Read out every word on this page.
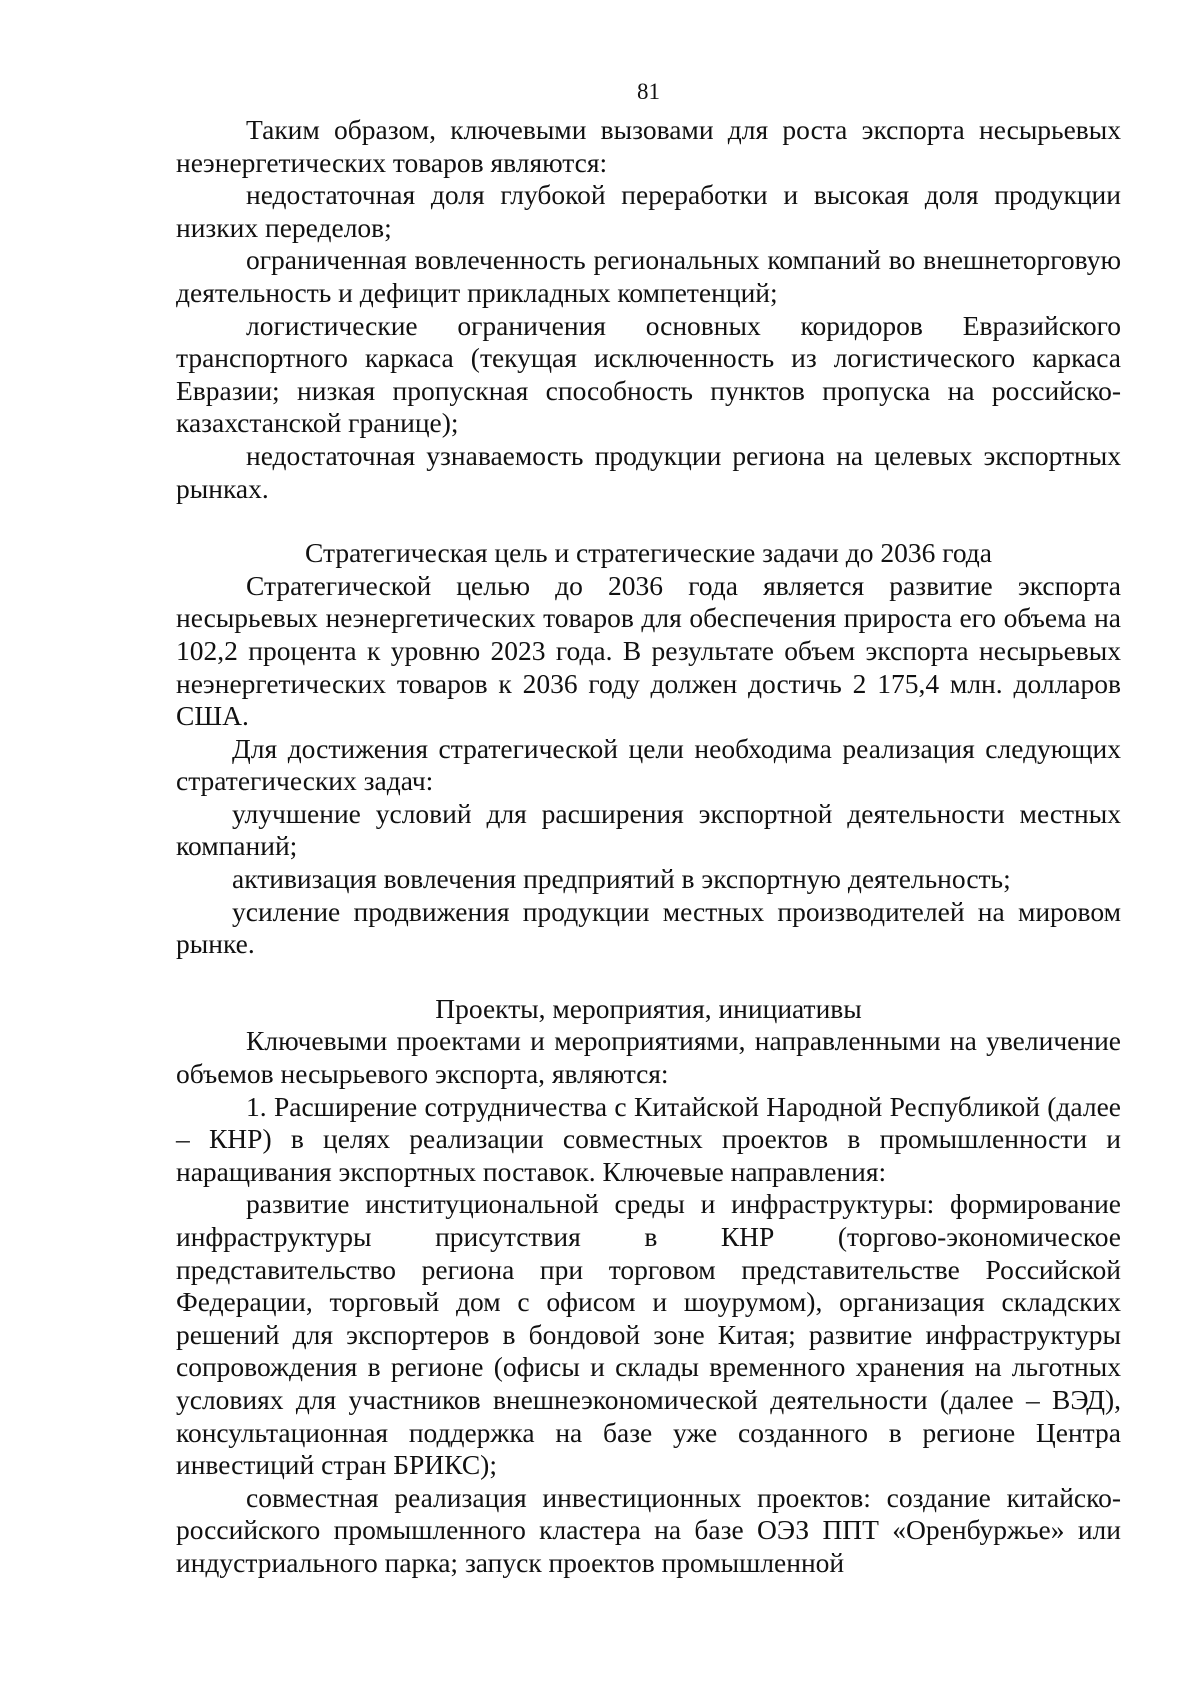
81

Таким образом, ключевыми вызовами для роста экспорта несырьевых неэнергетических товаров являются:

недостаточная доля глубокой переработки и высокая доля продукции низких переделов;

ограниченная вовлеченность региональных компаний во внешнеторговую деятельность и дефицит прикладных компетенций;

логистические ограничения основных коридоров Евразийского транспортного каркаса (текущая исключенность из логистического каркаса Евразии; низкая пропускная способность пунктов пропуска на российско-казахстанской границе);

недостаточная узнаваемость продукции региона на целевых экспортных рынках.

Стратегическая цель и стратегические задачи до 2036 года

Стратегической целью до 2036 года является развитие экспорта несырьевых неэнергетических товаров для обеспечения прироста его объема на 102,2 процента к уровню 2023 года. В результате объем экспорта несырьевых неэнергетических товаров к 2036 году должен достичь 2 175,4 млн. долларов США.

Для достижения стратегической цели необходима реализация следующих стратегических задач:

улучшение условий для расширения экспортной деятельности местных компаний;

активизация вовлечения предприятий в экспортную деятельность;

усиление продвижения продукции местных производителей на мировом рынке.

Проекты, мероприятия, инициативы

Ключевыми проектами и мероприятиями, направленными на увеличение объемов несырьевого экспорта, являются:

1. Расширение сотрудничества с Китайской Народной Республикой (далее – КНР) в целях реализации совместных проектов в промышленности и наращивания экспортных поставок. Ключевые направления:

развитие институциональной среды и инфраструктуры: формирование инфраструктуры присутствия в КНР (торгово-экономическое представительство региона при торговом представительстве Российской Федерации, торговый дом с офисом и шоурумом), организация складских решений для экспортеров в бондовой зоне Китая; развитие инфраструктуры сопровождения в регионе (офисы и склады временного хранения на льготных условиях для участников внешнеэкономической деятельности (далее – ВЭД), консультационная поддержка на базе уже созданного в регионе Центра инвестиций стран БРИКС);

совместная реализация инвестиционных проектов: создание китайско-российского промышленного кластера на базе ОЭЗ ППТ «Оренбуржье» или индустриального парка; запуск проектов промышленной
